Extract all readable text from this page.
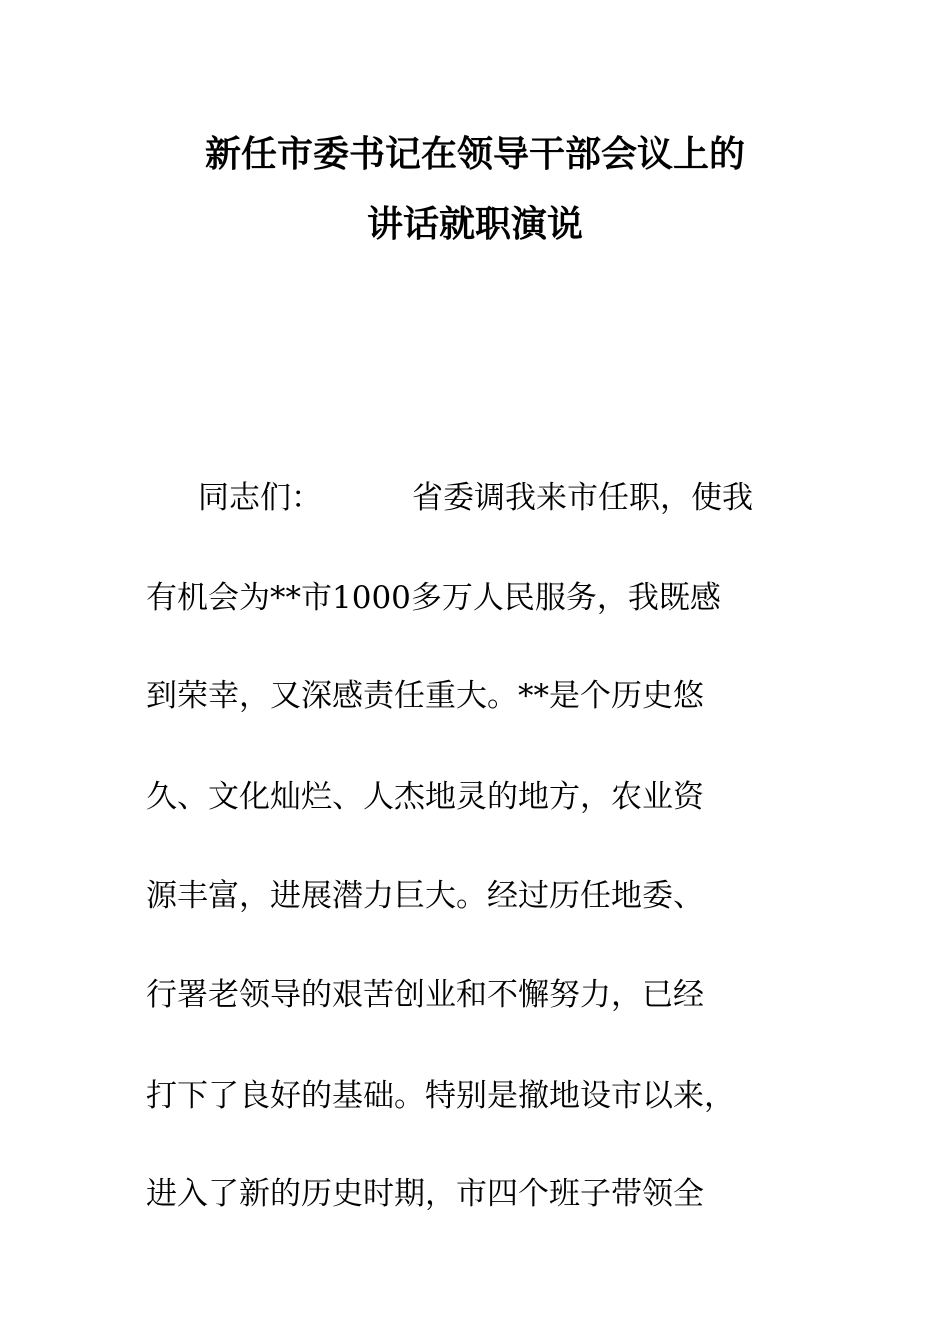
新任市委书记在领导干部会议上的
讲话就职演说
同志们：	省委调我来市任职，使我
有机会为**市1000多万人民服务，我既感
到荣幸，又深感责任重大。**是个历史悠
久、文化灿烂、人杰地灵的地方，农业资
源丰富，进展潜力巨大。经过历任地委、
行署老领导的艰苦创业和不懈努力，已经
打下了良好的基础。特别是撤地设市以来，
进入了新的历史时期，市四个班子带领全
